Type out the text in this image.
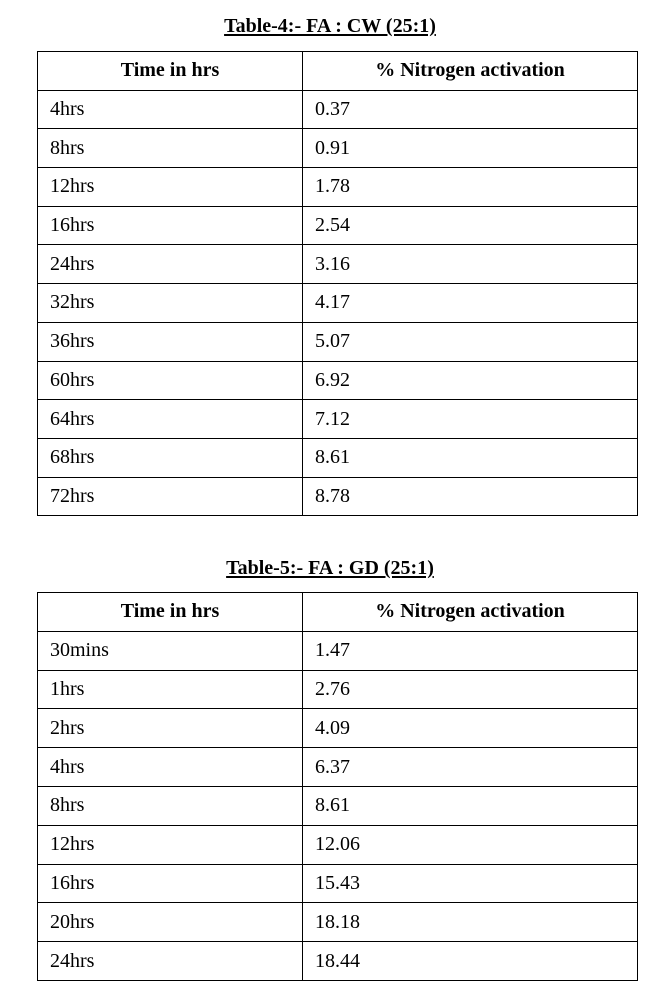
Table-4:- FA : CW (25:1)
Time in hrs	% Nitrogen activation
4hrs	0.37
8hrs	0.91
12hrs	1.78
16hrs	2.54
24hrs	3.16
32hrs	4.17
36hrs	5.07
60hrs	6.92
64hrs	7.12
68hrs	8.61
72hrs	8.78
Table-5:- FA : GD (25:1)
Time in hrs	% Nitrogen activation
30mins	1.47
1hrs	2.76
2hrs	4.09
4hrs	6.37
8hrs	8.61
12hrs	12.06
16hrs	15.43
20hrs	18.18
24hrs	18.44
